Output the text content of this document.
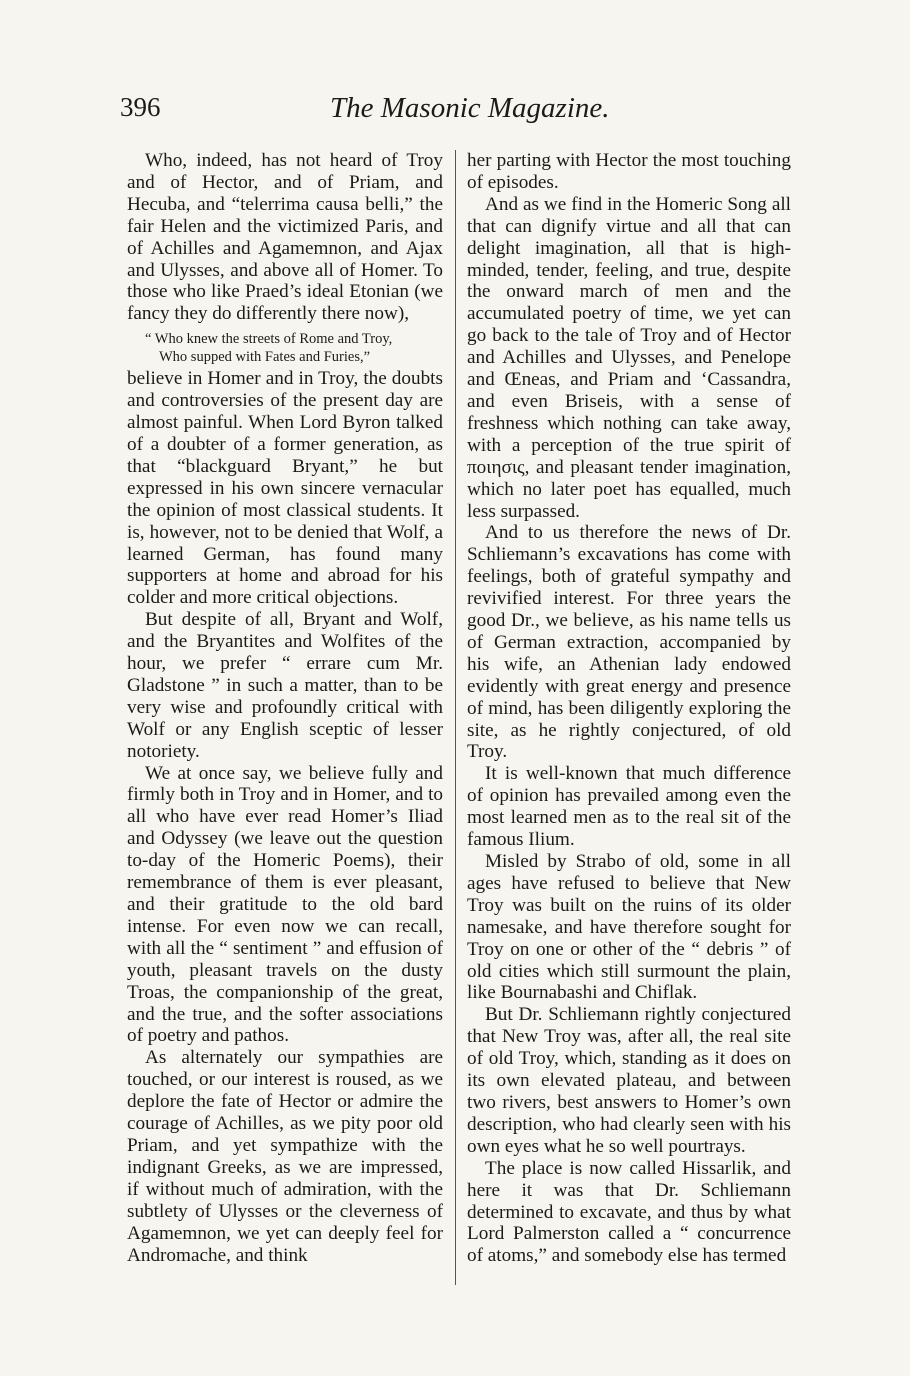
396	The Masonic Magazine.

Who, indeed, has not heard of Troy and of Hector, and of Priam, and Hecuba, and “telerrima causa belli,” the fair Helen and the victimized Paris, and of Achilles and Agamemnon, and Ajax and Ulysses, and above all of Homer. To those who like Praed’s ideal Etonian (we fancy they do differently there now),

“ Who knew the streets of Rome and Troy,
Who supped with Fates and Furies,”

believe in Homer and in Troy, the doubts and controversies of the present day are almost painful. When Lord Byron talked of a doubter of a former generation, as that “blackguard Bryant,” he but expressed in his own sincere vernacular the opinion of most classical students. It is, however, not to be denied that Wolf, a learned German, has found many supporters at home and abroad for his colder and more critical objections.

But despite of all, Bryant and Wolf, and the Bryantites and Wolfites of the hour, we prefer “ errare cum Mr. Gladstone ” in such a matter, than to be very wise and profoundly critical with Wolf or any English sceptic of lesser notoriety.

We at once say, we believe fully and firmly both in Troy and in Homer, and to all who have ever read Homer’s Iliad and Odyssey (we leave out the question to-day of the Homeric Poems), their remembrance of them is ever pleasant, and their gratitude to the old bard intense. For even now we can recall, with all the “ sentiment ” and effusion of youth, pleasant travels on the dusty Troas, the companionship of the great, and the true, and the softer associations of poetry and pathos.

As alternately our sympathies are touched, or our interest is roused, as we deplore the fate of Hector or admire the courage of Achilles, as we pity poor old Priam, and yet sympathize with the indignant Greeks, as we are impressed, if without much of admiration, with the subtlety of Ulysses or the cleverness of Agamemnon, we yet can deeply feel for Andromache, and think

her parting with Hector the most touching of episodes.

And as we find in the Homeric Song all that can dignify virtue and all that can delight imagination, all that is high-minded, tender, feeling, and true, despite the onward march of men and the accumulated poetry of time, we yet can go back to the tale of Troy and of Hector and Achilles and Ulysses, and Penelope and Œneas, and Priam and ‘Cassandra, and even Briseis, with a sense of freshness which nothing can take away, with a perception of the true spirit of ποιησις, and pleasant tender imagination, which no later poet has equalled, much less surpassed.

And to us therefore the news of Dr. Schliemann’s excavations has come with feelings, both of grateful sympathy and revivified interest. For three years the good Dr., we believe, as his name tells us of German extraction, accompanied by his wife, an Athenian lady endowed evidently with great energy and presence of mind, has been diligently exploring the site, as he rightly conjectured, of old Troy.

It is well-known that much difference of opinion has prevailed among even the most learned men as to the real sit of the famous Ilium.

Misled by Strabo of old, some in all ages have refused to believe that New Troy was built on the ruins of its older namesake, and have therefore sought for Troy on one or other of the “ debris ” of old cities which still surmount the plain, like Bournabashi and Chiflak.

But Dr. Schliemann rightly conjectured that New Troy was, after all, the real site of old Troy, which, standing as it does on its own elevated plateau, and between two rivers, best answers to Homer’s own description, who had clearly seen with his own eyes what he so well pourtrays.

The place is now called Hissarlik, and here it was that Dr. Schliemann determined to excavate, and thus by what Lord Palmerston called a “ concurrence of atoms,” and somebody else has termed
